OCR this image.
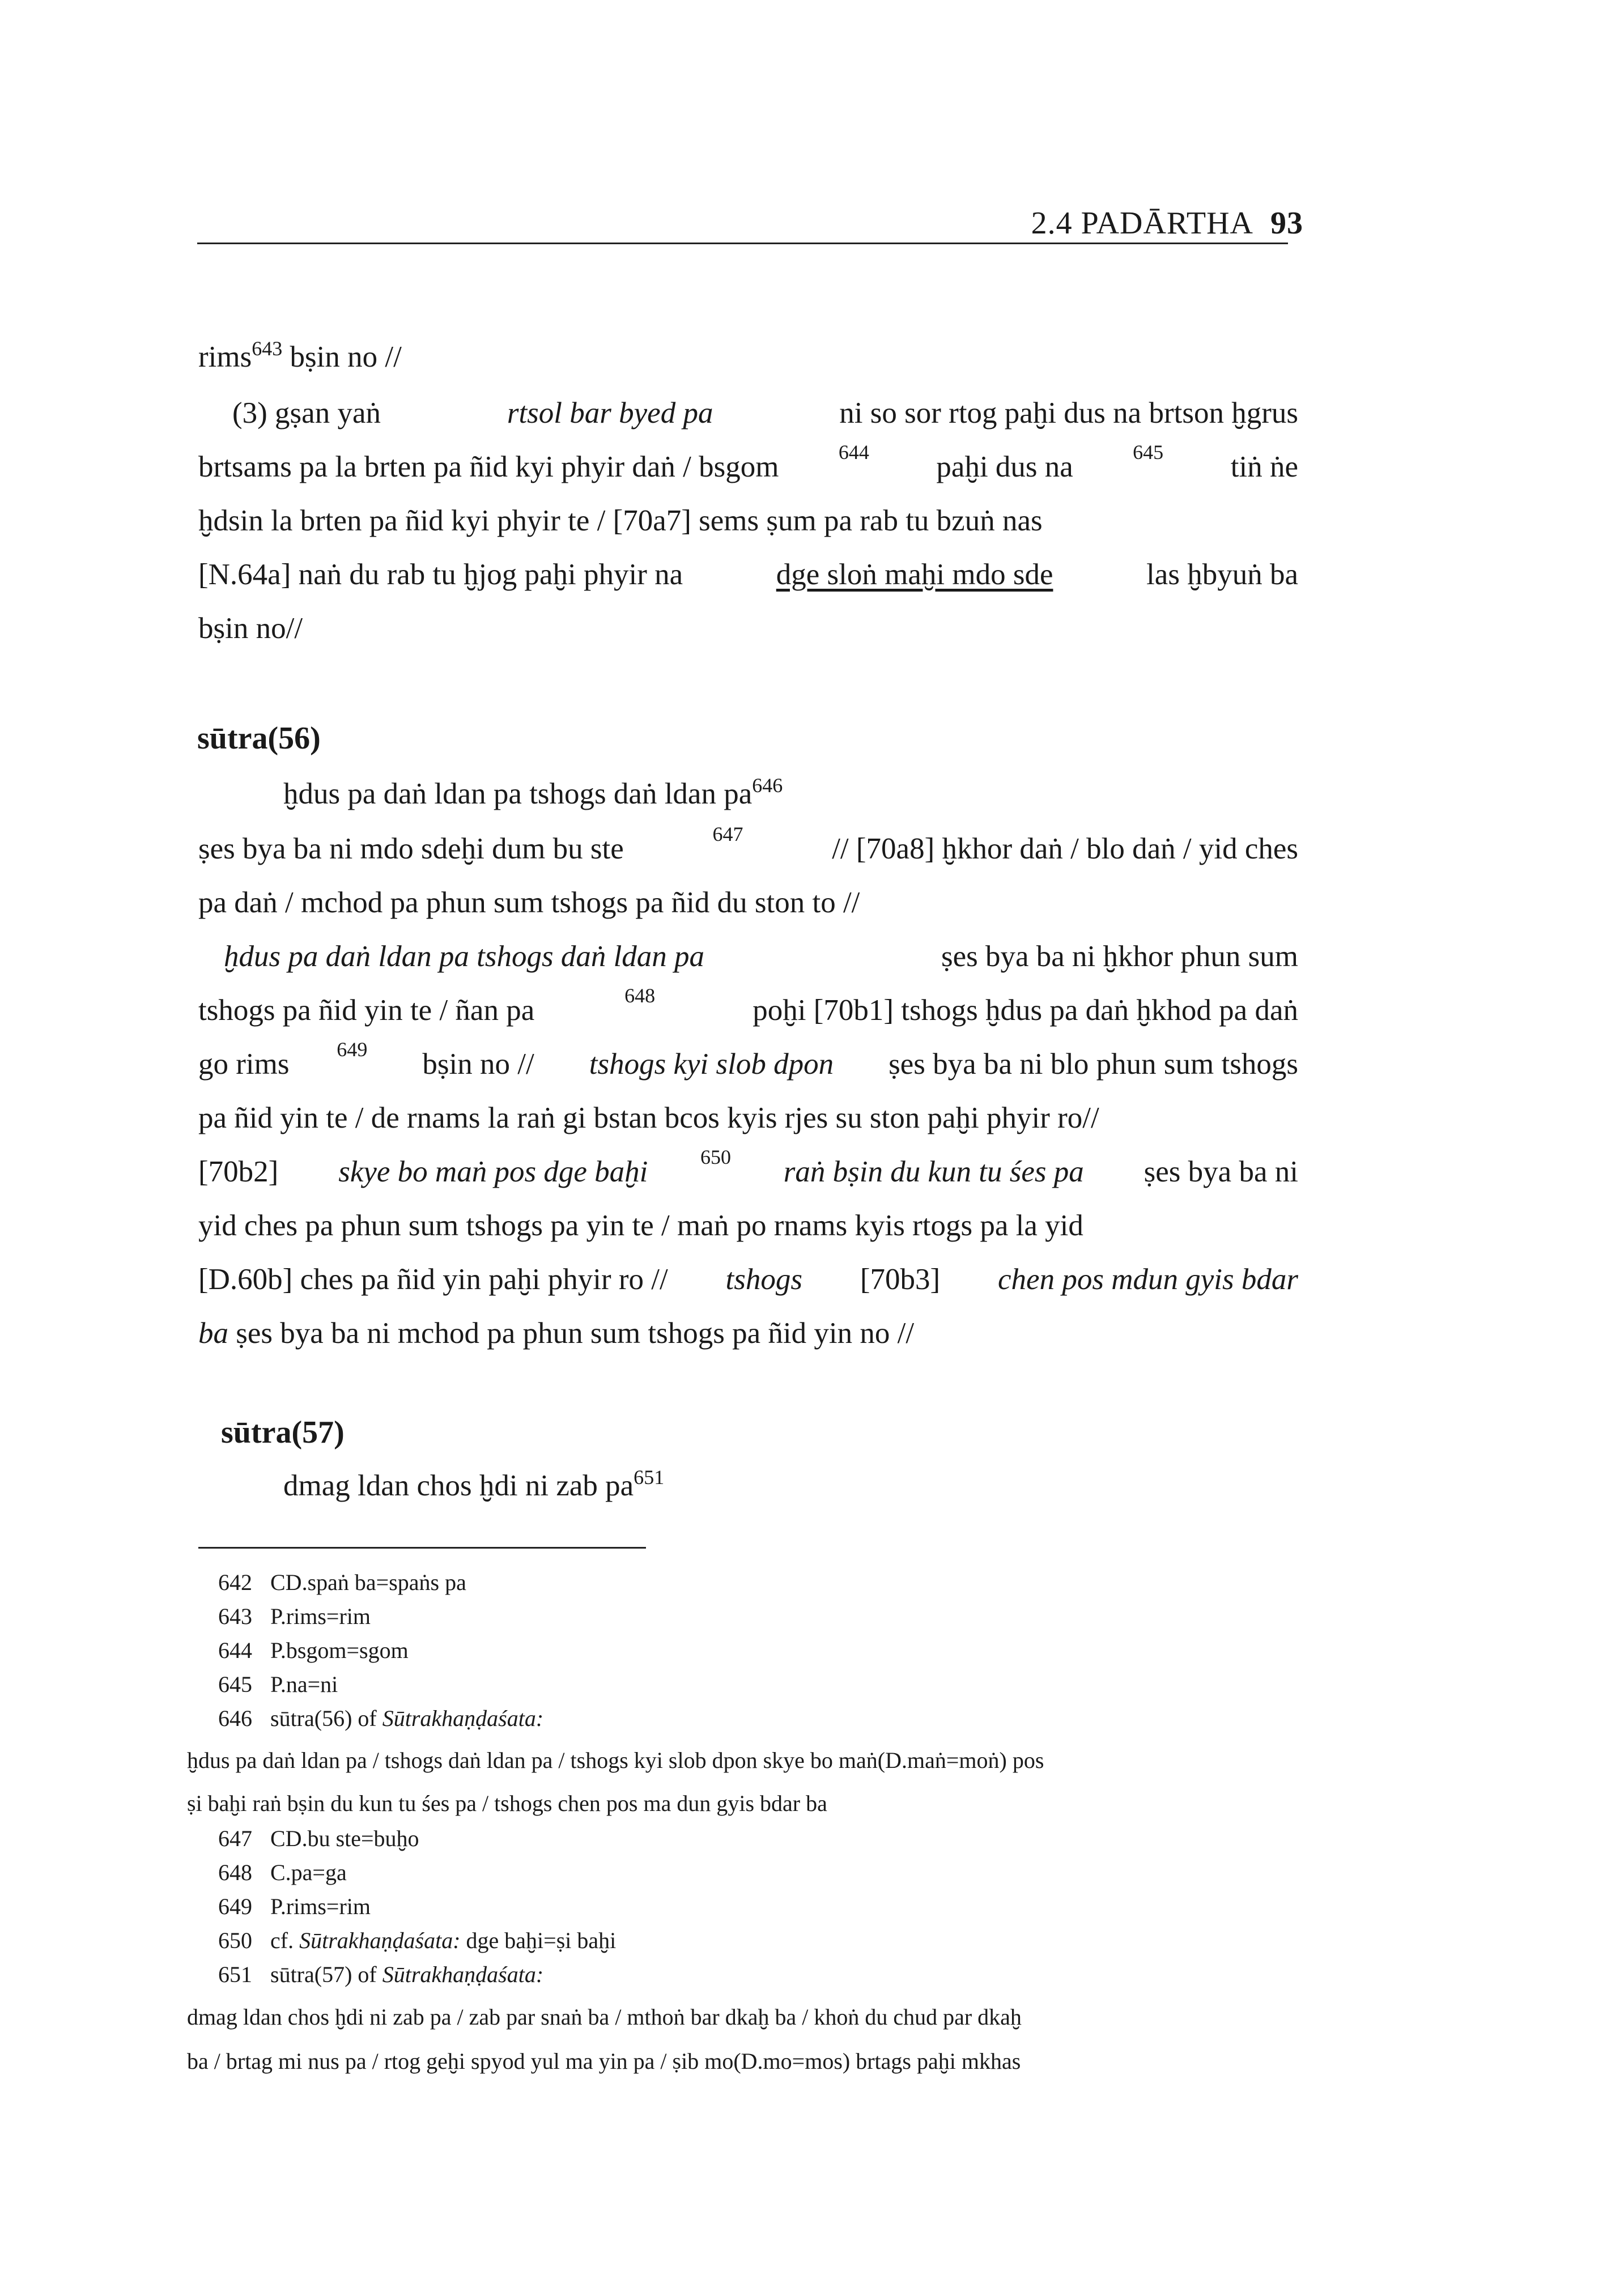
2.4 PADĀRTHA 93
rims$^{643}$ bṣin no //
(3) gṣan yaṅ	rtsol bar byed pa	ni so sor rtog paḫi dus na brtson ḫgrus
brtsams pa la brten pa ñid kyi phyir daṅ / bsgom	644 paḫi dus na	645 tiṅ ṅe
ḫdsin la brten pa ñid kyi phyir te / [70a7] sems ṣum pa rab tu bzuṅ nas
[N.64a] naṅ du rab tu ḫjog paḫi phyir na	dge sloṅ maḫi mdo sde	las ḫbyuṅ ba
bṣin no//
sūtra(56)
ḫdus pa daṅ ldan pa tshogs daṅ ldan $pa^{646}$
ṣes bya ba ni mdo sdeḫi dum bu ste	647	// [70a8] ḫkhor daṅ / blo daṅ / yid ches
pa daṅ / mchod pa phun sum tshogs pa ñid du ston to //
ḫdus pa daṅ ldan pa tshogs daṅ ldan pa	ṣes bya ba ni ḫkhor phun sum
tshogs pa ñid yin te / ñan pa	648	poḫi [70b1] tshogs ḫdus pa daṅ ḫkhod pa daṅ
go rims 649 bṣin no // tshogs kyi slob dpon ṣes bya ba ni blo phun sum tshogs
pa ñid yin te / de rnams la raṅ gi bstan bcos kyis rjes su ston paḫi phyir ro//
[70b2] skye bo maṅ pos dge baḫi	650 raṅ bṣin du kun tu śes pa ṣes bya ba ni
yid ches pa phun sum tshogs pa yin te / maṅ po rnams kyis rtogs pa la yid
[D.60b] ches pa ñid yin paḫi phyir ro // tshogs [70b3] chen pos mdun gyis bdar
ba ṣes bya ba ni mchod pa phun sum tshogs pa ñid yin no //
sūtra(57)
dmag ldan chos ḫdi ni zab $pa^{651}$
642 CD.spaṅ ba=spaṅs pa
643 P.rims=rim
644 P.bsgom=sgom
645 P.na=ni
646 sūtra(56) of Sūtrakhaṇḍaśata:
ḫdus pa daṅ ldan pa / tshogs daṅ ldan pa / tshogs kyi slob dpon skye bo maṅ(D.maṅ=moṅ) pos
ṣi baḫi raṅ bṣin du kun tu śes pa / tshogs chen pos ma dun gyis bdar ba
647 CD.bu ste=buḫo
648 C.pa=ga
649 P.rims=rim
650 cf. Sūtrakhaṇḍaśata: dge baḫi=ṣi baḫi
651 sūtra(57) of Sūtrakhaṇḍaśata:
dmag ldan chos ḫdi ni zab pa / zab par snaṅ ba / mthoṅ bar dkaḫ ba / khoṅ du chud par dkaḫ
ba / brtag mi nus pa / rtog geḫi spyod yul ma yin pa / ṣib mo(D.mo=mos) brtags paḫi mkhas
